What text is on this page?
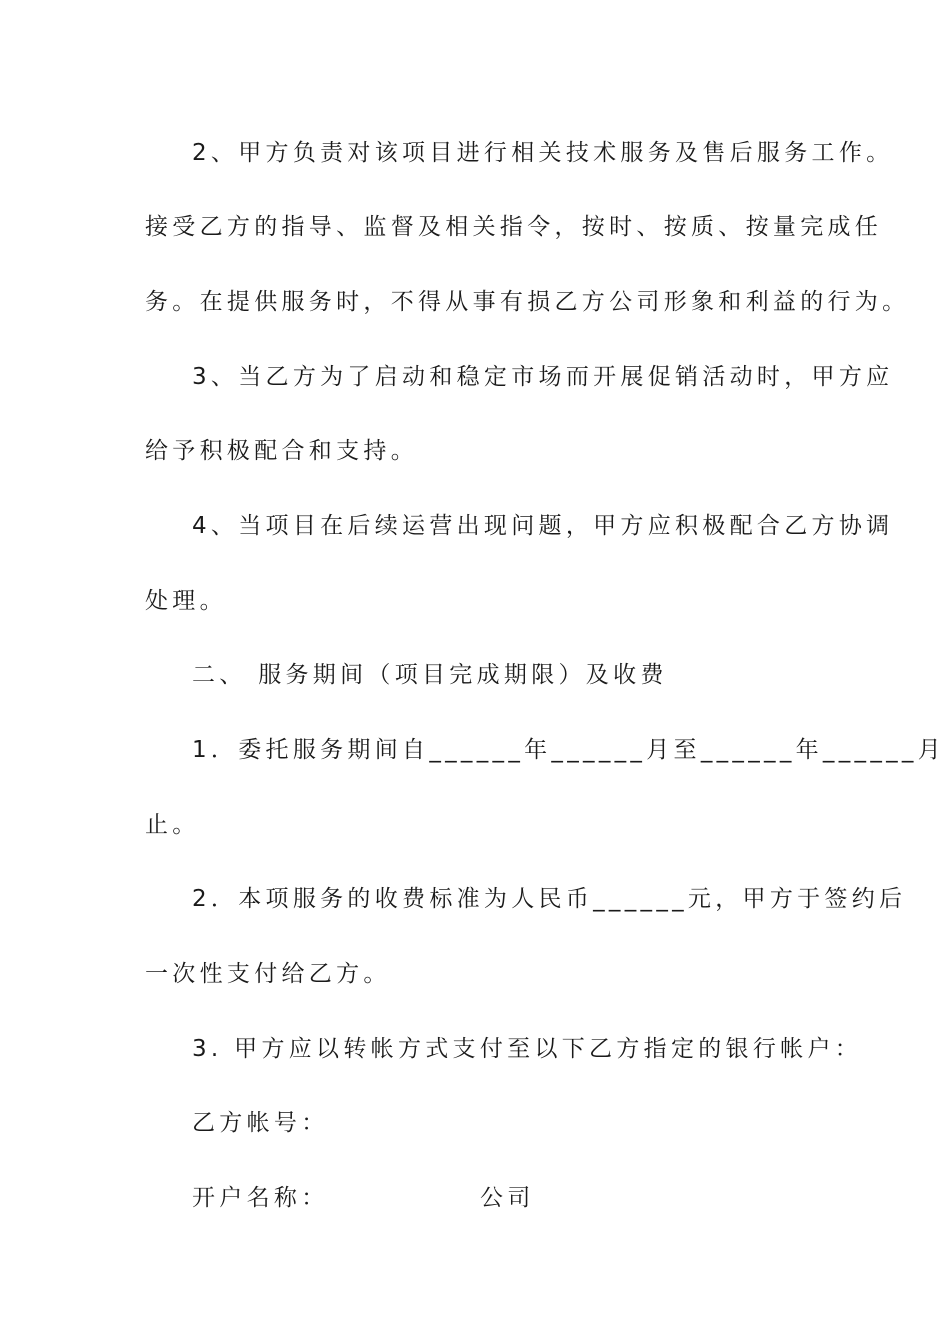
2、甲方负责对该项目进行相关技术服务及售后服务工作。
接受乙方的指导、监督及相关指令，按时、按质、按量完成任
务。在提供服务时，不得从事有损乙方公司形象和利益的行为。
3、当乙方为了启动和稳定市场而开展促销活动时，甲方应
给予积极配合和支持。
4、当项目在后续运营出现问题，甲方应积极配合乙方协调
处理。
二、 服务期间（项目完成期限）及收费
1．委托服务期间自______年______月至______年______月
止。
2．本项服务的收费标准为人民币______元，甲方于签约后
一次性支付给乙方。
3. 甲方应以转帐方式支付至以下乙方指定的银行帐户：
乙方帐号：
开户名称：	公司
